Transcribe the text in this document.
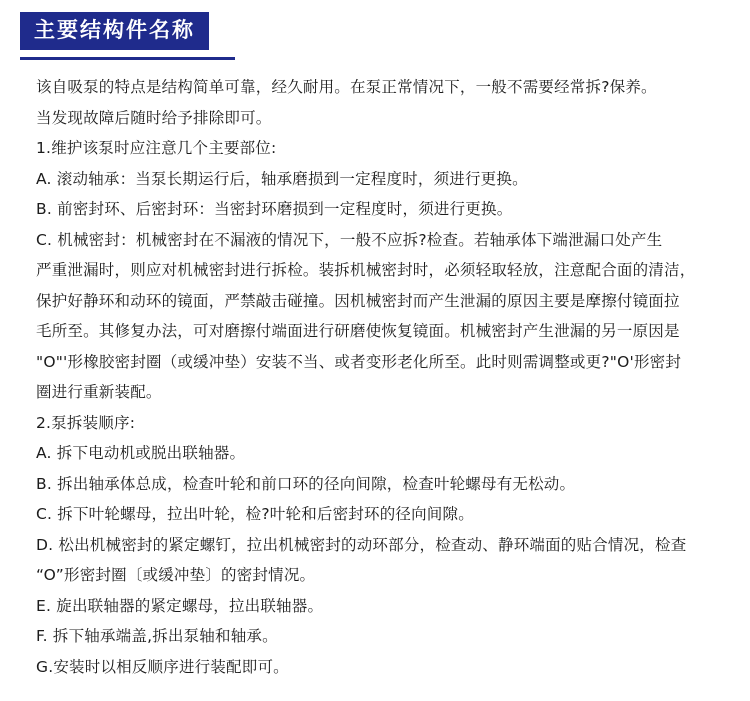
主要结构件名称

该自吸泵的特点是结构简单可靠，经久耐用。在泵正常情况下，一般不需要经常拆?保养。

当发现故障后随时给予排除即可。

1.维护该泵时应注意几个主要部位:

A. 滚动轴承：当泵长期运行后，轴承磨损到一定程度时，须进行更换。

B. 前密封环、后密封环：当密封环磨损到一定程度时，须进行更换。

C. 机械密封：机械密封在不漏液的情况下，一般不应拆?检查。若轴承体下端泄漏口处产生

严重泄漏时，则应对机械密封进行拆检。装拆机械密封时，必须轻取轻放，注意配合面的清洁，

保护好静环和动环的镜面，严禁敲击碰撞。因机械密封而产生泄漏的原因主要是摩擦付镜面拉

毛所至。其修复办法，可对磨擦付端面进行研磨使恢复镜面。机械密封产生泄漏的另一原因是

"O"'形橡胶密封圈（或缓冲垫）安装不当、或者变形老化所至。此时则需调整或更?"O'形密封

圈进行重新装配。

2.泵拆装顺序:

A. 拆下电动机或脱出联轴器。

B. 拆出轴承体总成，检查叶轮和前口环的径向间隙，检查叶轮螺母有无松动。

C. 拆下叶轮螺母，拉出叶轮，检?叶轮和后密封环的径向间隙。

D. 松出机械密封的紧定螺钉，拉出机械密封的动环部分，检查动、静环端面的贴合情况，检查

“O”形密封圈〔或缓冲垫〕的密封情况。

E. 旋出联轴器的紧定螺母，拉出联轴器。

F. 拆下轴承端盖,拆出泵轴和轴承。

G.安装时以相反顺序进行装配即可。
